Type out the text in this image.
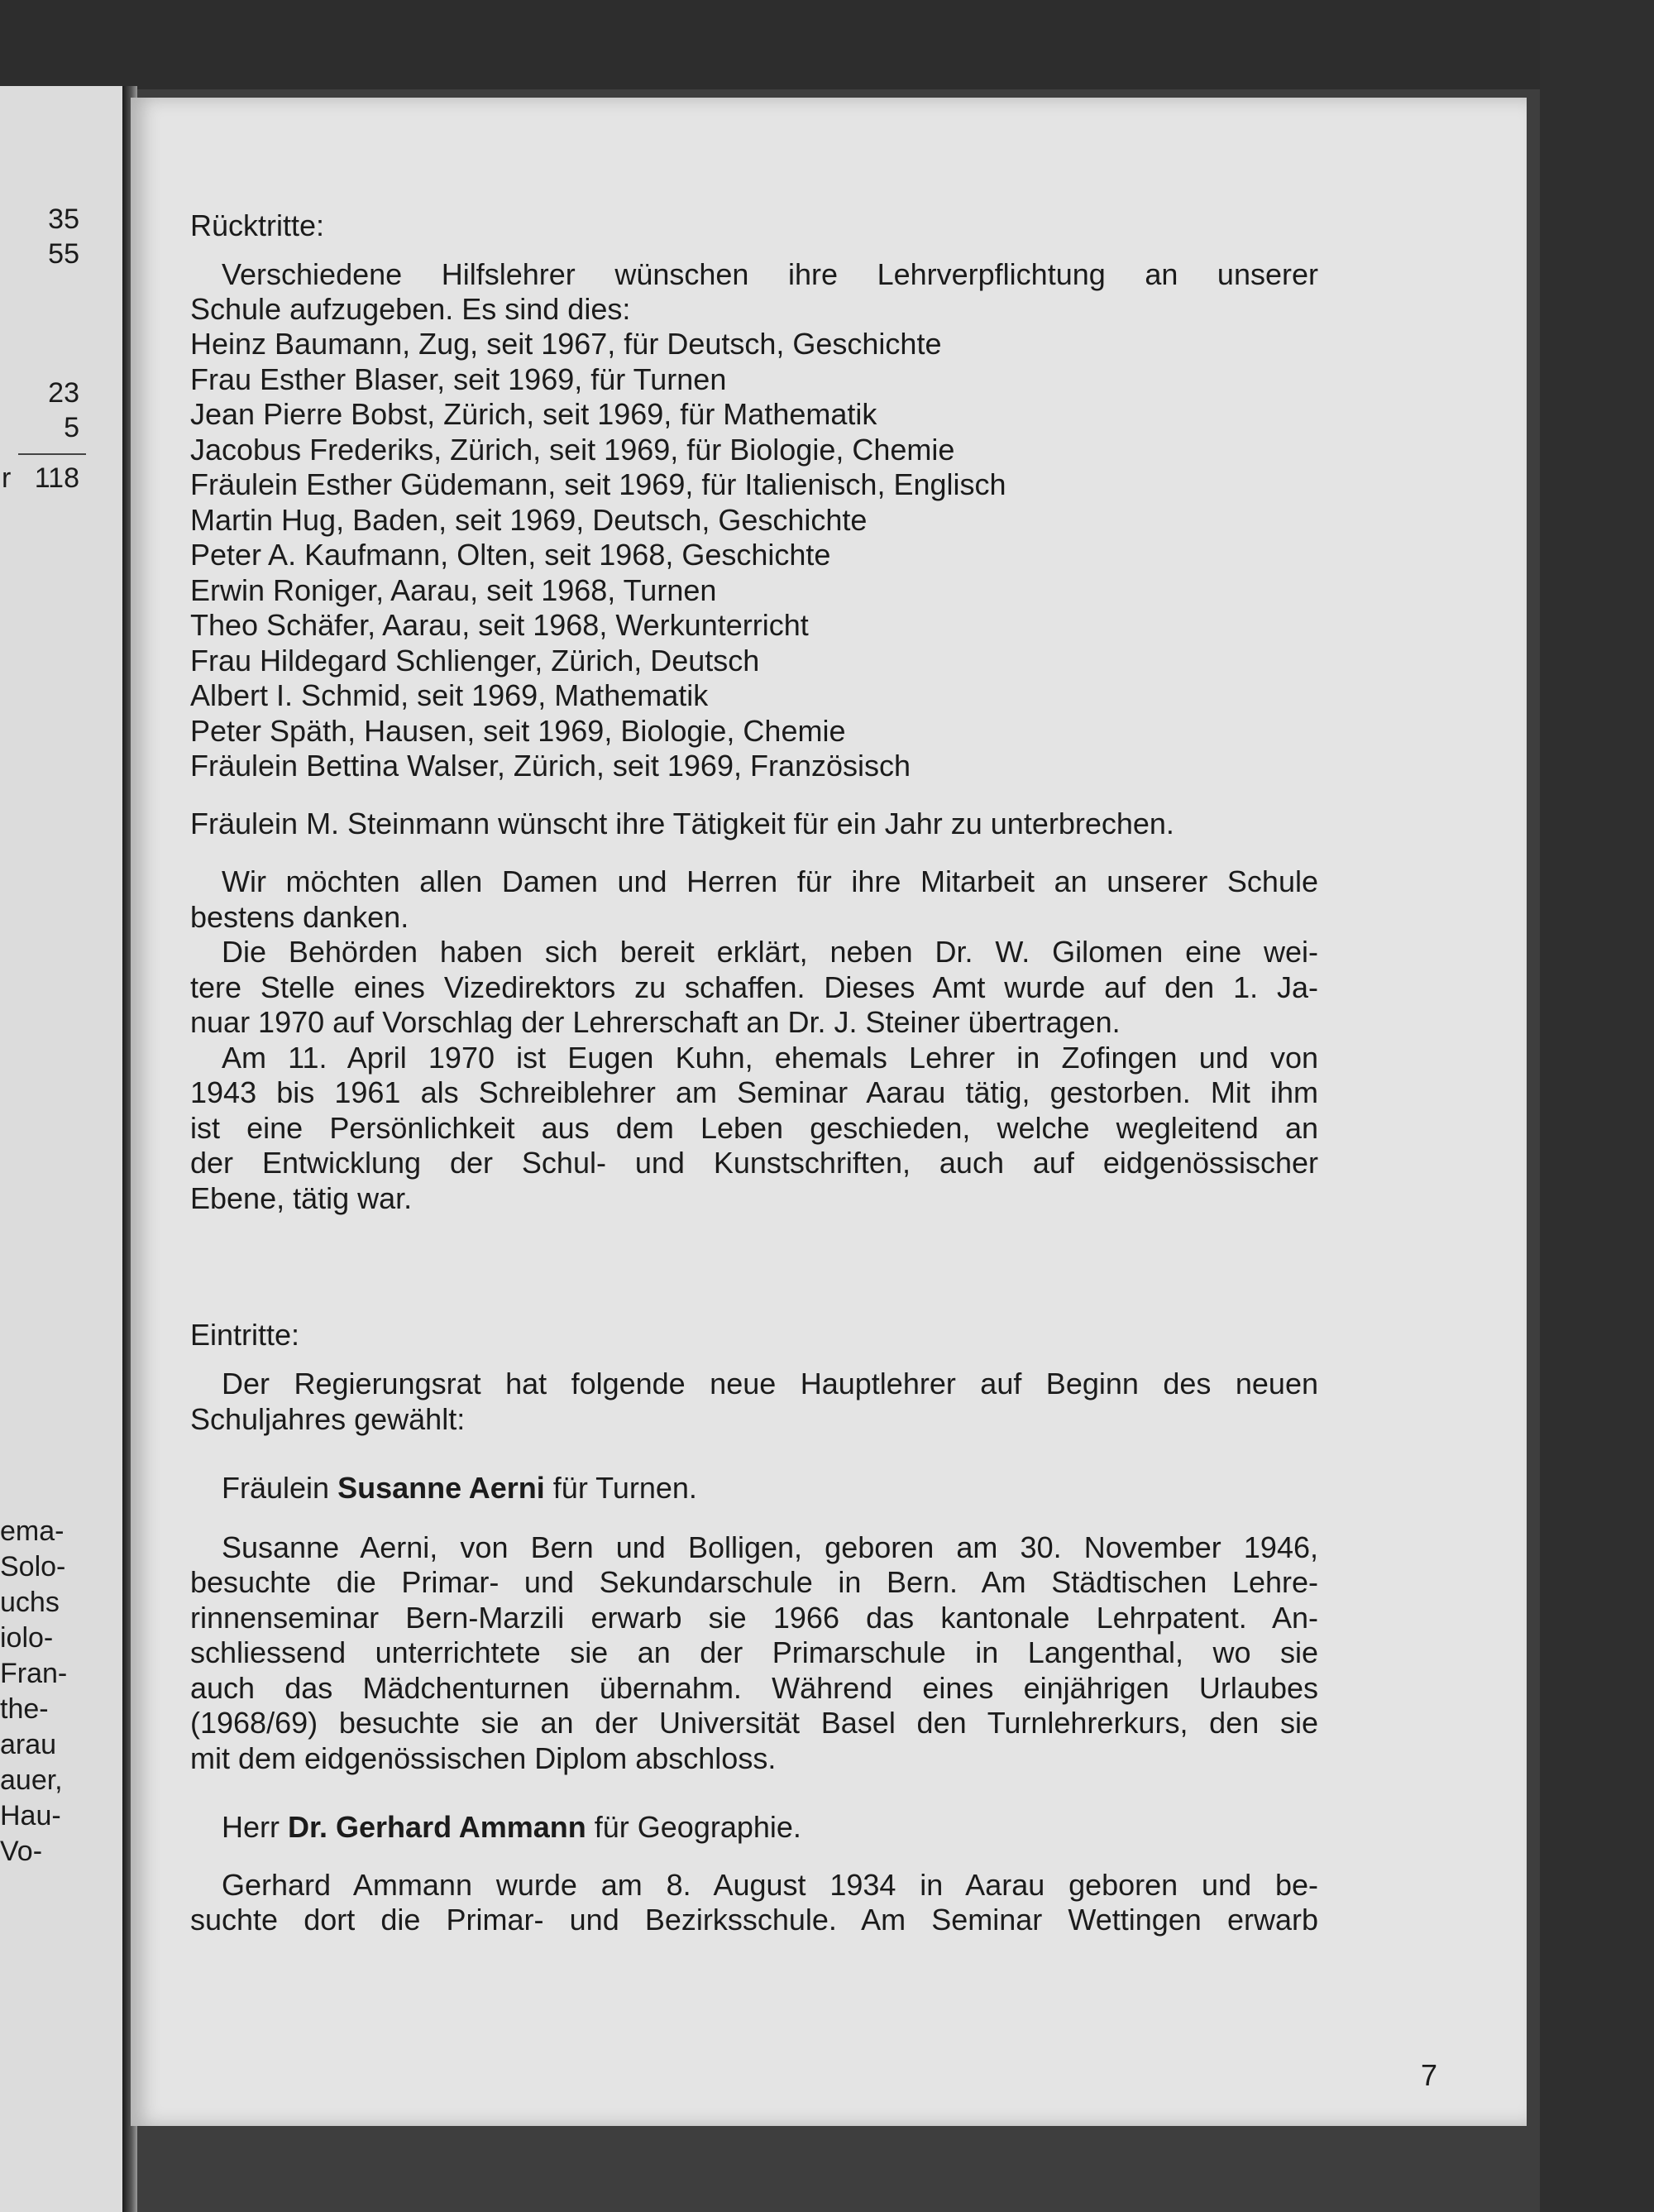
35
55
23
5
r 118
ema-
Solo-
uchs
iolo-
Fran-
the-
arau
auer,
Hau-
Vo-
Rücktritte:
Verschiedene Hilfslehrer wünschen ihre Lehrverpflichtung an unserer
Schule aufzugeben. Es sind dies:
Heinz Baumann, Zug, seit 1967, für Deutsch, Geschichte
Frau Esther Blaser, seit 1969, für Turnen
Jean Pierre Bobst, Zürich, seit 1969, für Mathematik
Jacobus Frederiks, Zürich, seit 1969, für Biologie, Chemie
Fräulein Esther Güdemann, seit 1969, für Italienisch, Englisch
Martin Hug, Baden, seit 1969, Deutsch, Geschichte
Peter A. Kaufmann, Olten, seit 1968, Geschichte
Erwin Roniger, Aarau, seit 1968, Turnen
Theo Schäfer, Aarau, seit 1968, Werkunterricht
Frau Hildegard Schlienger, Zürich, Deutsch
Albert I. Schmid, seit 1969, Mathematik
Peter Späth, Hausen, seit 1969, Biologie, Chemie
Fräulein Bettina Walser, Zürich, seit 1969, Französisch
Fräulein M. Steinmann wünscht ihre Tätigkeit für ein Jahr zu unterbrechen.
Wir möchten allen Damen und Herren für ihre Mitarbeit an unserer Schule
bestens danken.
Die Behörden haben sich bereit erklärt, neben Dr. W. Gilomen eine wei-
tere Stelle eines Vizedirektors zu schaffen. Dieses Amt wurde auf den 1. Ja-
nuar 1970 auf Vorschlag der Lehrerschaft an Dr. J. Steiner übertragen.
Am 11. April 1970 ist Eugen Kuhn, ehemals Lehrer in Zofingen und von
1943 bis 1961 als Schreiblehrer am Seminar Aarau tätig, gestorben. Mit ihm
ist eine Persönlichkeit aus dem Leben geschieden, welche wegleitend an
der Entwicklung der Schul- und Kunstschriften, auch auf eidgenössischer
Ebene, tätig war.
Eintritte:
Der Regierungsrat hat folgende neue Hauptlehrer auf Beginn des neuen
Schuljahres gewählt:
Fräulein Susanne Aerni für Turnen.
Susanne Aerni, von Bern und Bolligen, geboren am 30. November 1946,
besuchte die Primar- und Sekundarschule in Bern. Am Städtischen Lehre-
rinnenseminar Bern-Marzili erwarb sie 1966 das kantonale Lehrpatent. An-
schliessend unterrichtete sie an der Primarschule in Langenthal, wo sie
auch das Mädchenturnen übernahm. Während eines einjährigen Urlaubes
(1968/69) besuchte sie an der Universität Basel den Turnlehrerkurs, den sie
mit dem eidgenössischen Diplom abschloss.
Herr Dr. Gerhard Ammann für Geographie.
Gerhard Ammann wurde am 8. August 1934 in Aarau geboren und be-
suchte dort die Primar- und Bezirksschule. Am Seminar Wettingen erwarb
7
